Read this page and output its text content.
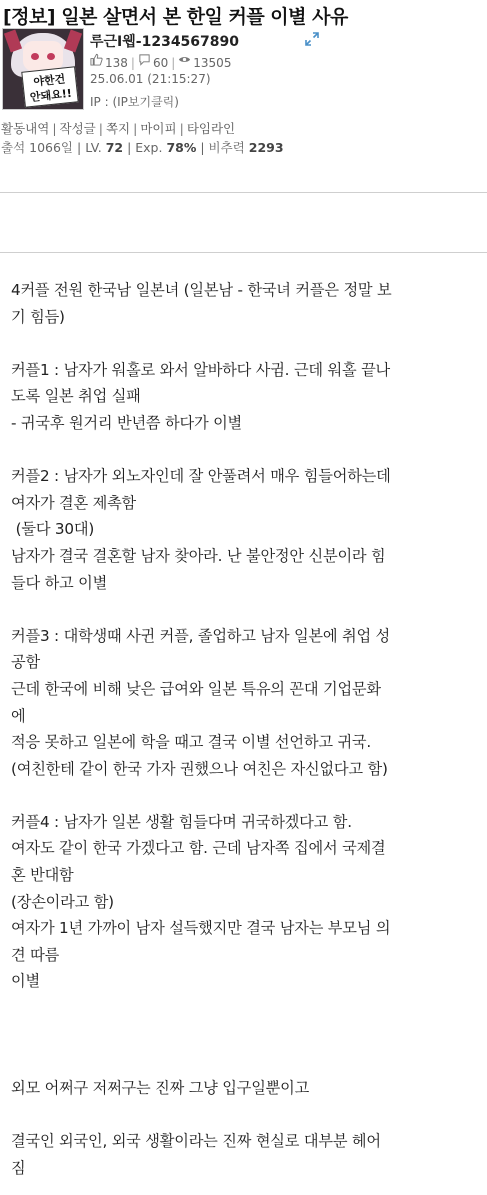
[정보] 일본 살면서 본 한일 커플 이별 사유
야한건
안돼요!!
루근I웹-1234567890
138 | 60 | 13505
25.06.01 (21:15:27)
IP : (IP보기클릭)
활동내역 | 작성글 | 쪽지 | 마이피 | 타임라인
출석 1066일 | LV. 72 | Exp. 78% | 비추력 2293

4커플 전원 한국남 일본녀 (일본남 - 한국녀 커플은 정말 보

기 힘듬)

커플1 : 남자가 워홀로 와서 알바하다 사귐. 근데 워홀 끝나

도록 일본 취업 실패

- 귀국후 원거리 반년쯤 하다가 이별

커플2 : 남자가 외노자인데 잘 안풀려서 매우 힘들어하는데

여자가 결혼 제촉함

(둘다 30대)

남자가 결국 결혼할 남자 찾아라. 난 불안정안 신분이라 힘

들다 하고 이별

커플3 : 대학생때 사귄 커플, 졸업하고 남자 일본에 취업 성

공함

근데 한국에 비해 낮은 급여와 일본 특유의 꼰대 기업문화

에

적응 못하고 일본에 학을 때고 결국 이별 선언하고 귀국.

(여친한테 같이 한국 가자 권했으나 여친은 자신없다고 함)

커플4 : 남자가 일본 생활 힘들다며 귀국하겠다고 함.

여자도 같이 한국 가겠다고 함. 근데 남자쪽 집에서 국제결

혼 반대함

(장손이라고 함)

여자가 1년 가까이 남자 설득했지만 결국 남자는 부모님 의

견 따름

이별

외모 어쩌구 저쩌구는 진짜 그냥 입구일뿐이고

결국인 외국인, 외국 생활이라는 진짜 현실로 대부분 헤어

짐
